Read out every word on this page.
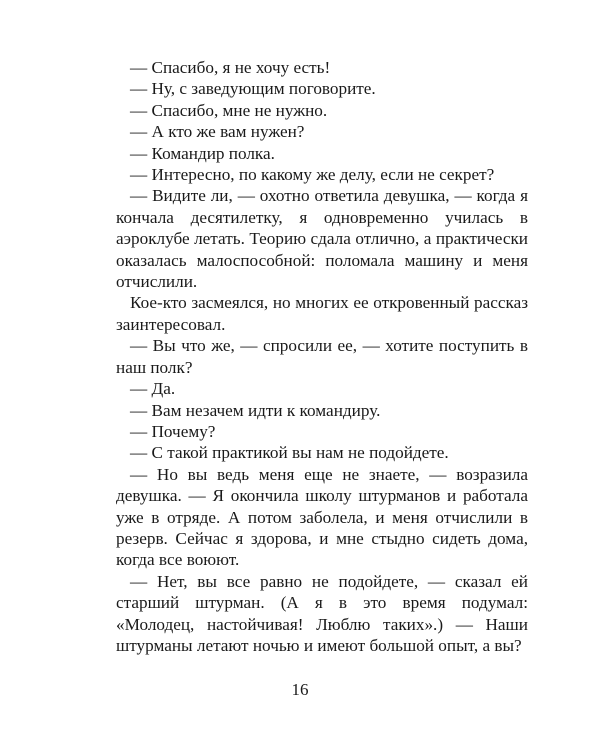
— Спасибо, я не хочу есть!

— Ну, с заведующим поговорите.

— Спасибо, мне не нужно.

— А кто же вам нужен?

— Командир полка.

— Интересно, по какому же делу, если не секрет?

— Видите ли, — охотно ответила девушка, — когда я кончала десятилетку, я одновременно училась в аэроклубе летать. Теорию сдала отлично, а практически оказалась малоспособной: поломала машину и меня отчислили.

Кое-кто засмеялся, но многих ее откровенный рассказ заинтересовал.

— Вы что же, — спросили ее, — хотите поступить в наш полк?

— Да.

— Вам незачем идти к командиру.

— Почему?

— С такой практикой вы нам не подойдете.

— Но вы ведь меня еще не знаете, — возразила девушка. — Я окончила школу штурманов и работала уже в отряде. А потом заболела, и меня отчислили в резерв. Сейчас я здорова, и мне стыдно сидеть дома, когда все воюют.

— Нет, вы все равно не подойдете, — сказал ей старший штурман. (А я в это время подумал: «Молодец, настойчивая! Люблю таких».) — Наши штурманы летают ночью и имеют большой опыт, а вы?

16
